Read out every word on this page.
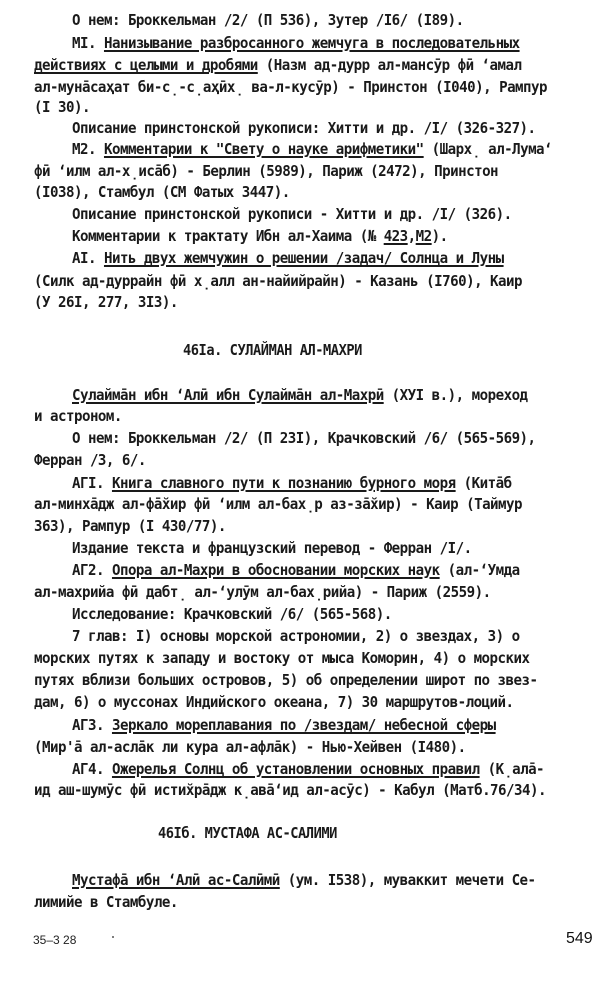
О нем: Броккельман /2/ (П 536), Зутер /I6/ (I89).
МI. Нанизывание разбросанного жемчуга в последовательных
действиях с целыми и дробями (Назм ад-дурр ал-мансӯр фӣ ʻамал
ал-мунāсаҳат би-с̣-с̣аҳӣх̣ ва-л-кусӯр) - Принстон (I040), Рампур
(I 30).
Описание принстонской рукописи: Хитти и др. /I/ (326-327).
М2. Комментарии к "Свету о науке арифметики" (Шарх̣ ал-Лумаʻ
фӣ ʻилм ал-х̣исāб) - Берлин (5989), Париж (2472), Принстон
(I038), Стамбул (СМ Фатых 3447).
Описание принстонской рукописи - Хитти и др. /I/ (326).
Комментарии к трактату Ибн ал-Хаима (№ 423,М2).
АI. Нить двух жемчужин о решении /задач/ Солнца и Луны
(Силк ад-дуррайн фӣ х̣алл ан-найийрайн) - Казань (I760), Каир
(У 26I, 277, 3I3).
46Iа. СУЛАЙМАН АЛ-МАХРИ
Сулаймāн ибн ʻАлӣ ибн Сулаймāн ал-Махрӣ (ХУI в.), мореход
и астроном.
О нем: Броккельман /2/ (П 23I), Крачковский /6/ (565-569),
Ферран /3, 6/.
АГI. Книга славного пути к познанию бурного моря (Китāб
ал-минхāдж ал-фāх̆ир фӣ ʻилм ал-бах̣р аз-зāх̆ир) - Каир (Таймур
363), Рампур (I 430/77).
Издание текста и французский перевод - Ферран /I/.
АГ2. Опора ал-Махри в обосновании морских наук (ал-ʻУмда
ал-махрийа фӣ дабт̣ ал-ʻулӯм ал-бах̣рийа) - Париж (2559).
Исследование: Крачковский /6/ (565-568).
7 глав: I) основы морской астрономии, 2) о звездах, 3) о
морских путях к западу и востоку от мыса Коморин, 4) о морских
путях вблизи больших островов, 5) об определении широт по звез-
дам, 6) о муссонах Индийского океана, 7) 30 маршрутов-лоций.
АГ3. Зеркало мореплавания по /звездам/ небесной сферы
(Мир'ā ал-аслāк ли кура ал-афлāк) - Нью-Хейвен (I480).
АГ4. Ожерелья Солнц об установлении основных правил (К̣алā-
ид аш-шумӯс фӣ истих̆рāдж к̣авāʻид ал-асӯс) - Кабул (Матб.76/34).
46Iб. МУСТАФА АС-САЛИМИ
Мустафā ибн ʻАлӣ ас-Салӣмӣ (ум. I538), муваккит мечети Се-
лимийе в Стамбуле.
35–3 28	549
